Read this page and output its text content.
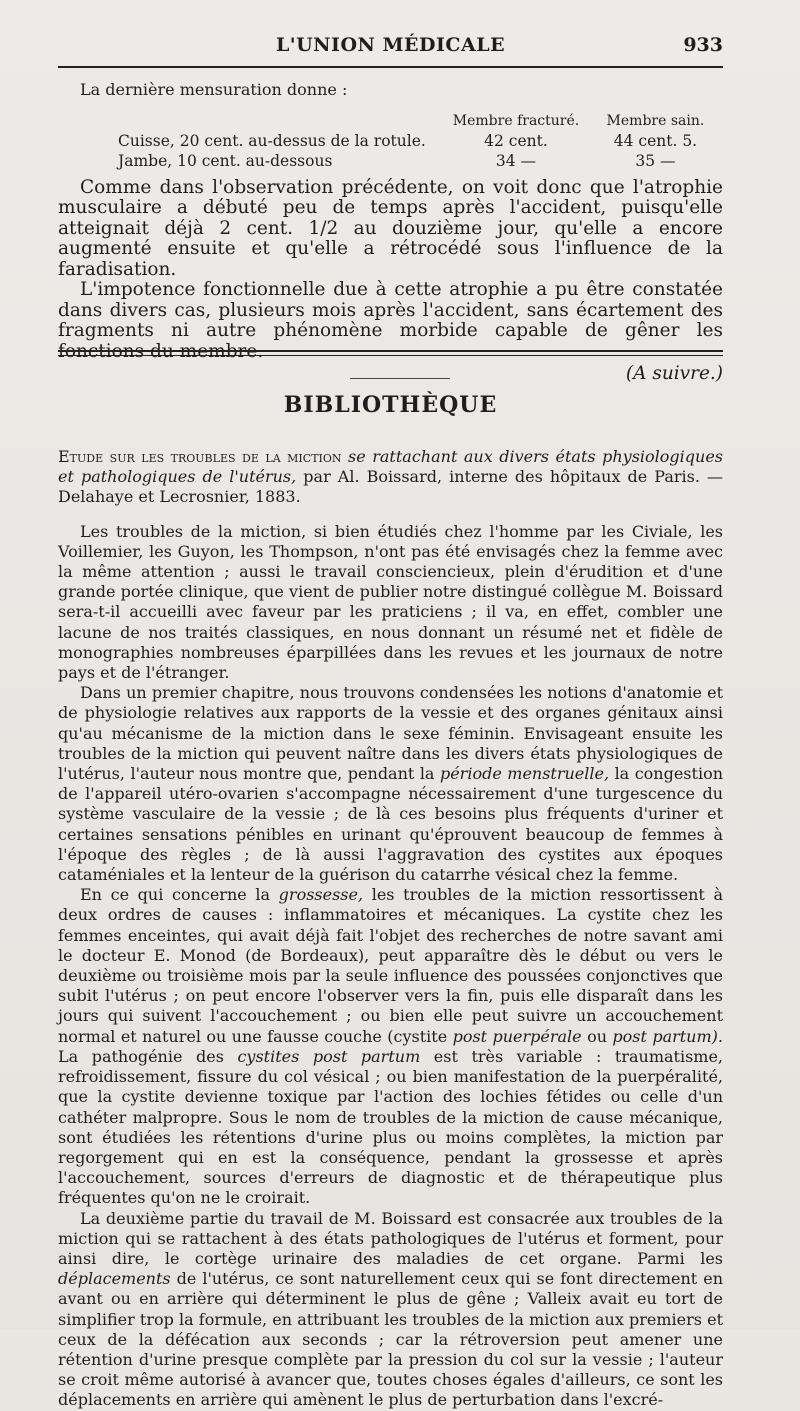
L'UNION MÉDICALE	933
La dernière mensuration donne :
	Membre fracturé.	Membre sain.
Cuisse, 20 cent. au-dessus de la rotule.	42 cent.	44 cent. 5.
Jambe, 10 cent. au-dessous	34 —	35 —

Comme dans l'observation précédente, on voit donc que l'atrophie musculaire a débuté peu de temps après l'accident, puisqu'elle atteignait déjà 2 cent. 1/2 au douzième jour, qu'elle a encore augmenté ensuite et qu'elle a rétrocédé sous l'influence de la faradisation.

L'impotence fonctionnelle due à cette atrophie a pu être constatée dans divers cas, plusieurs mois après l'accident, sans écartement des fragments ni autre phénomène morbide capable de gêner les fonctions du membre.

(A suivre.)
BIBLIOTHÈQUE

Etude sur les troubles de la miction se rattachant aux divers états physiologiques et pathologiques de l'utérus, par Al. Boissard, interne des hôpitaux de Paris. — Delahaye et Lecrosnier, 1883.

Les troubles de la miction, si bien étudiés chez l'homme par les Civiale, les Voillemier, les Guyon, les Thompson, n'ont pas été envisagés chez la femme avec la même attention ; aussi le travail consciencieux, plein d'érudition et d'une grande portée clinique, que vient de publier notre distingué collègue M. Boissard sera-t-il accueilli avec faveur par les praticiens ; il va, en effet, combler une lacune de nos traités classiques, en nous donnant un résumé net et fidèle de monographies nombreuses éparpillées dans les revues et les journaux de notre pays et de l'étranger.

Dans un premier chapitre, nous trouvons condensées les notions d'anatomie et de physiologie relatives aux rapports de la vessie et des organes génitaux ainsi qu'au mécanisme de la miction dans le sexe féminin. Envisageant ensuite les troubles de la miction qui peuvent naître dans les divers états physiologiques de l'utérus, l'auteur nous montre que, pendant la période menstruelle, la congestion de l'appareil utéro-ovarien s'accompagne nécessairement d'une turgescence du système vasculaire de la vessie ; de là ces besoins plus fréquents d'uriner et certaines sensations pénibles en urinant qu'éprouvent beaucoup de femmes à l'époque des règles ; de là aussi l'aggravation des cystites aux époques cataméniales et la lenteur de la guérison du catarrhe vésical chez la femme.

En ce qui concerne la grossesse, les troubles de la miction ressortissent à deux ordres de causes : inflammatoires et mécaniques. La cystite chez les femmes enceintes, qui avait déjà fait l'objet des recherches de notre savant ami le docteur E. Monod (de Bordeaux), peut apparaître dès le début ou vers le deuxième ou troisième mois par la seule influence des poussées conjonctives que subit l'utérus ; on peut encore l'observer vers la fin, puis elle disparaît dans les jours qui suivent l'accouchement ; ou bien elle peut suivre un accouchement normal et naturel ou une fausse couche (cystite post puerpérale ou post partum). La pathogénie des cystites post partum est très variable : traumatisme, refroidissement, fissure du col vésical ; ou bien manifestation de la puerpéralité, que la cystite devienne toxique par l'action des lochies fétides ou celle d'un cathéter malpropre. Sous le nom de troubles de la miction de cause mécanique, sont étudiées les rétentions d'urine plus ou moins complètes, la miction par regorgement qui en est la conséquence, pendant la grossesse et après l'accouchement, sources d'erreurs de diagnostic et de thérapeutique plus fréquentes qu'on ne le croirait.

La deuxième partie du travail de M. Boissard est consacrée aux troubles de la miction qui se rattachent à des états pathologiques de l'utérus et forment, pour ainsi dire, le cortège urinaire des maladies de cet organe. Parmi les déplacements de l'utérus, ce sont naturellement ceux qui se font directement en avant ou en arrière qui déterminent le plus de gêne ; Valleix avait eu tort de simplifier trop la formule, en attribuant les troubles de la miction aux premiers et ceux de la défécation aux seconds ; car la rétroversion peut amener une rétention d'urine presque complète par la pression du col sur la vessie ; l'auteur se croit même autorisé à avancer que, toutes choses égales d'ailleurs, ce sont les déplacements en arrière qui amènent le plus de perturbation dans l'excré-
